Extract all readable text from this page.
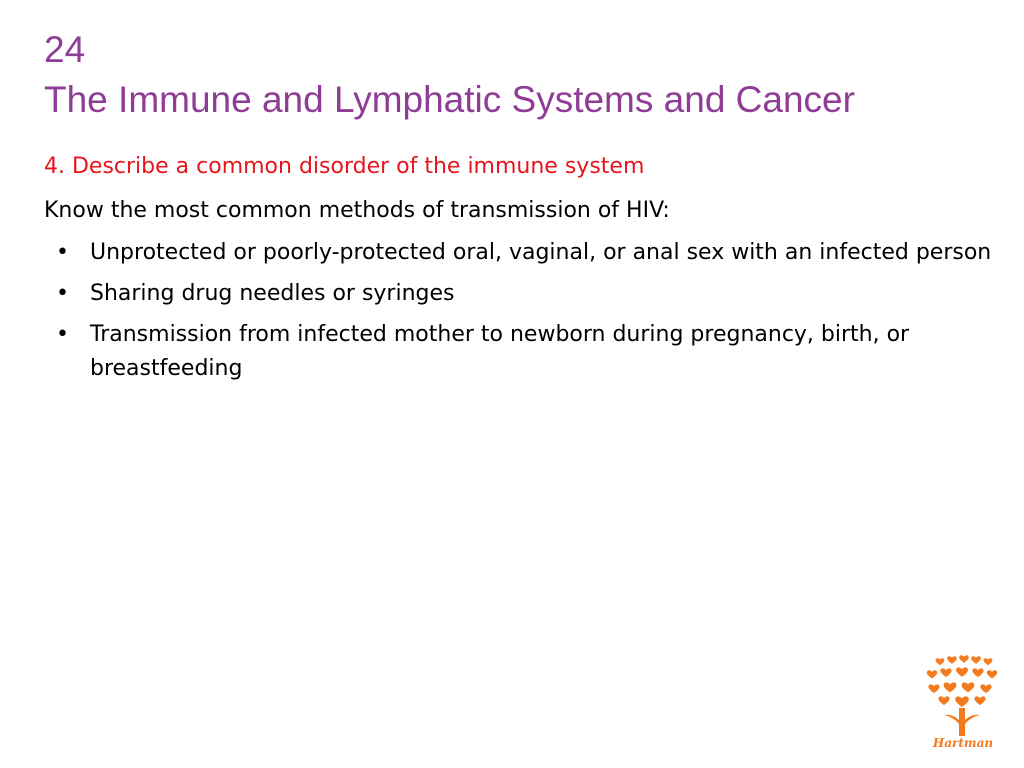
24
The Immune and Lymphatic Systems and Cancer

4. Describe a common disorder of the immune system

Know the most common methods of transmission of HIV:

• Unprotected or poorly-protected oral, vaginal, or anal sex with an infected person
• Sharing drug needles or syringes
• Transmission from infected mother to newborn during pregnancy, birth, or breastfeeding
Hartman
